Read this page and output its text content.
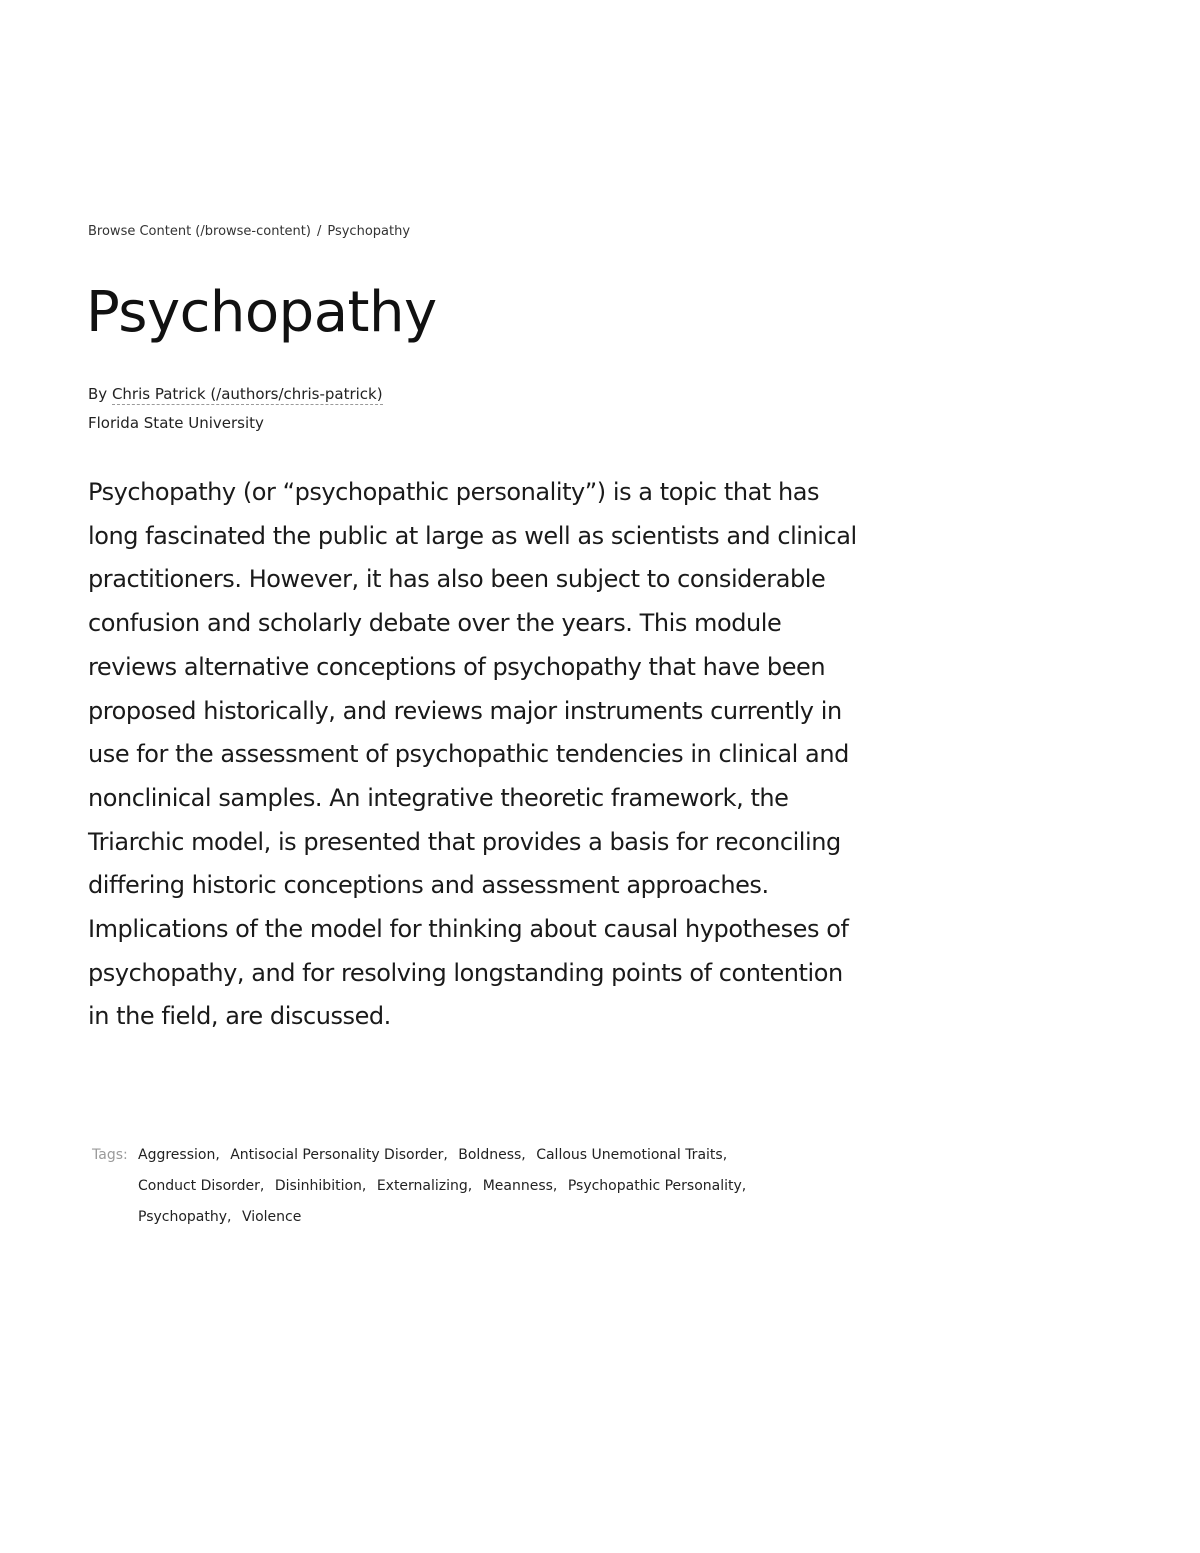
Browse Content (/browse-content) / Psychopathy
Psychopathy
By Chris Patrick (/authors/chris-patrick)
Florida State University

Psychopathy (or “psychopathic personality”) is a topic that has long fascinated the public at large as well as scientists and clinical practitioners. However, it has also been subject to considerable confusion and scholarly debate over the years. This module reviews alternative conceptions of psychopathy that have been proposed historically, and reviews major instruments currently in use for the assessment of psychopathic tendencies in clinical and nonclinical samples. An integrative theoretic framework, the Triarchic model, is presented that provides a basis for reconciling differing historic conceptions and assessment approaches. Implications of the model for thinking about causal hypotheses of psychopathy, and for resolving longstanding points of contention in the field, are discussed.

Tags: Aggression, Antisocial Personality Disorder, Boldness, Callous Unemotional Traits, Conduct Disorder, Disinhibition, Externalizing, Meanness, Psychopathic Personality, Psychopathy, Violence
